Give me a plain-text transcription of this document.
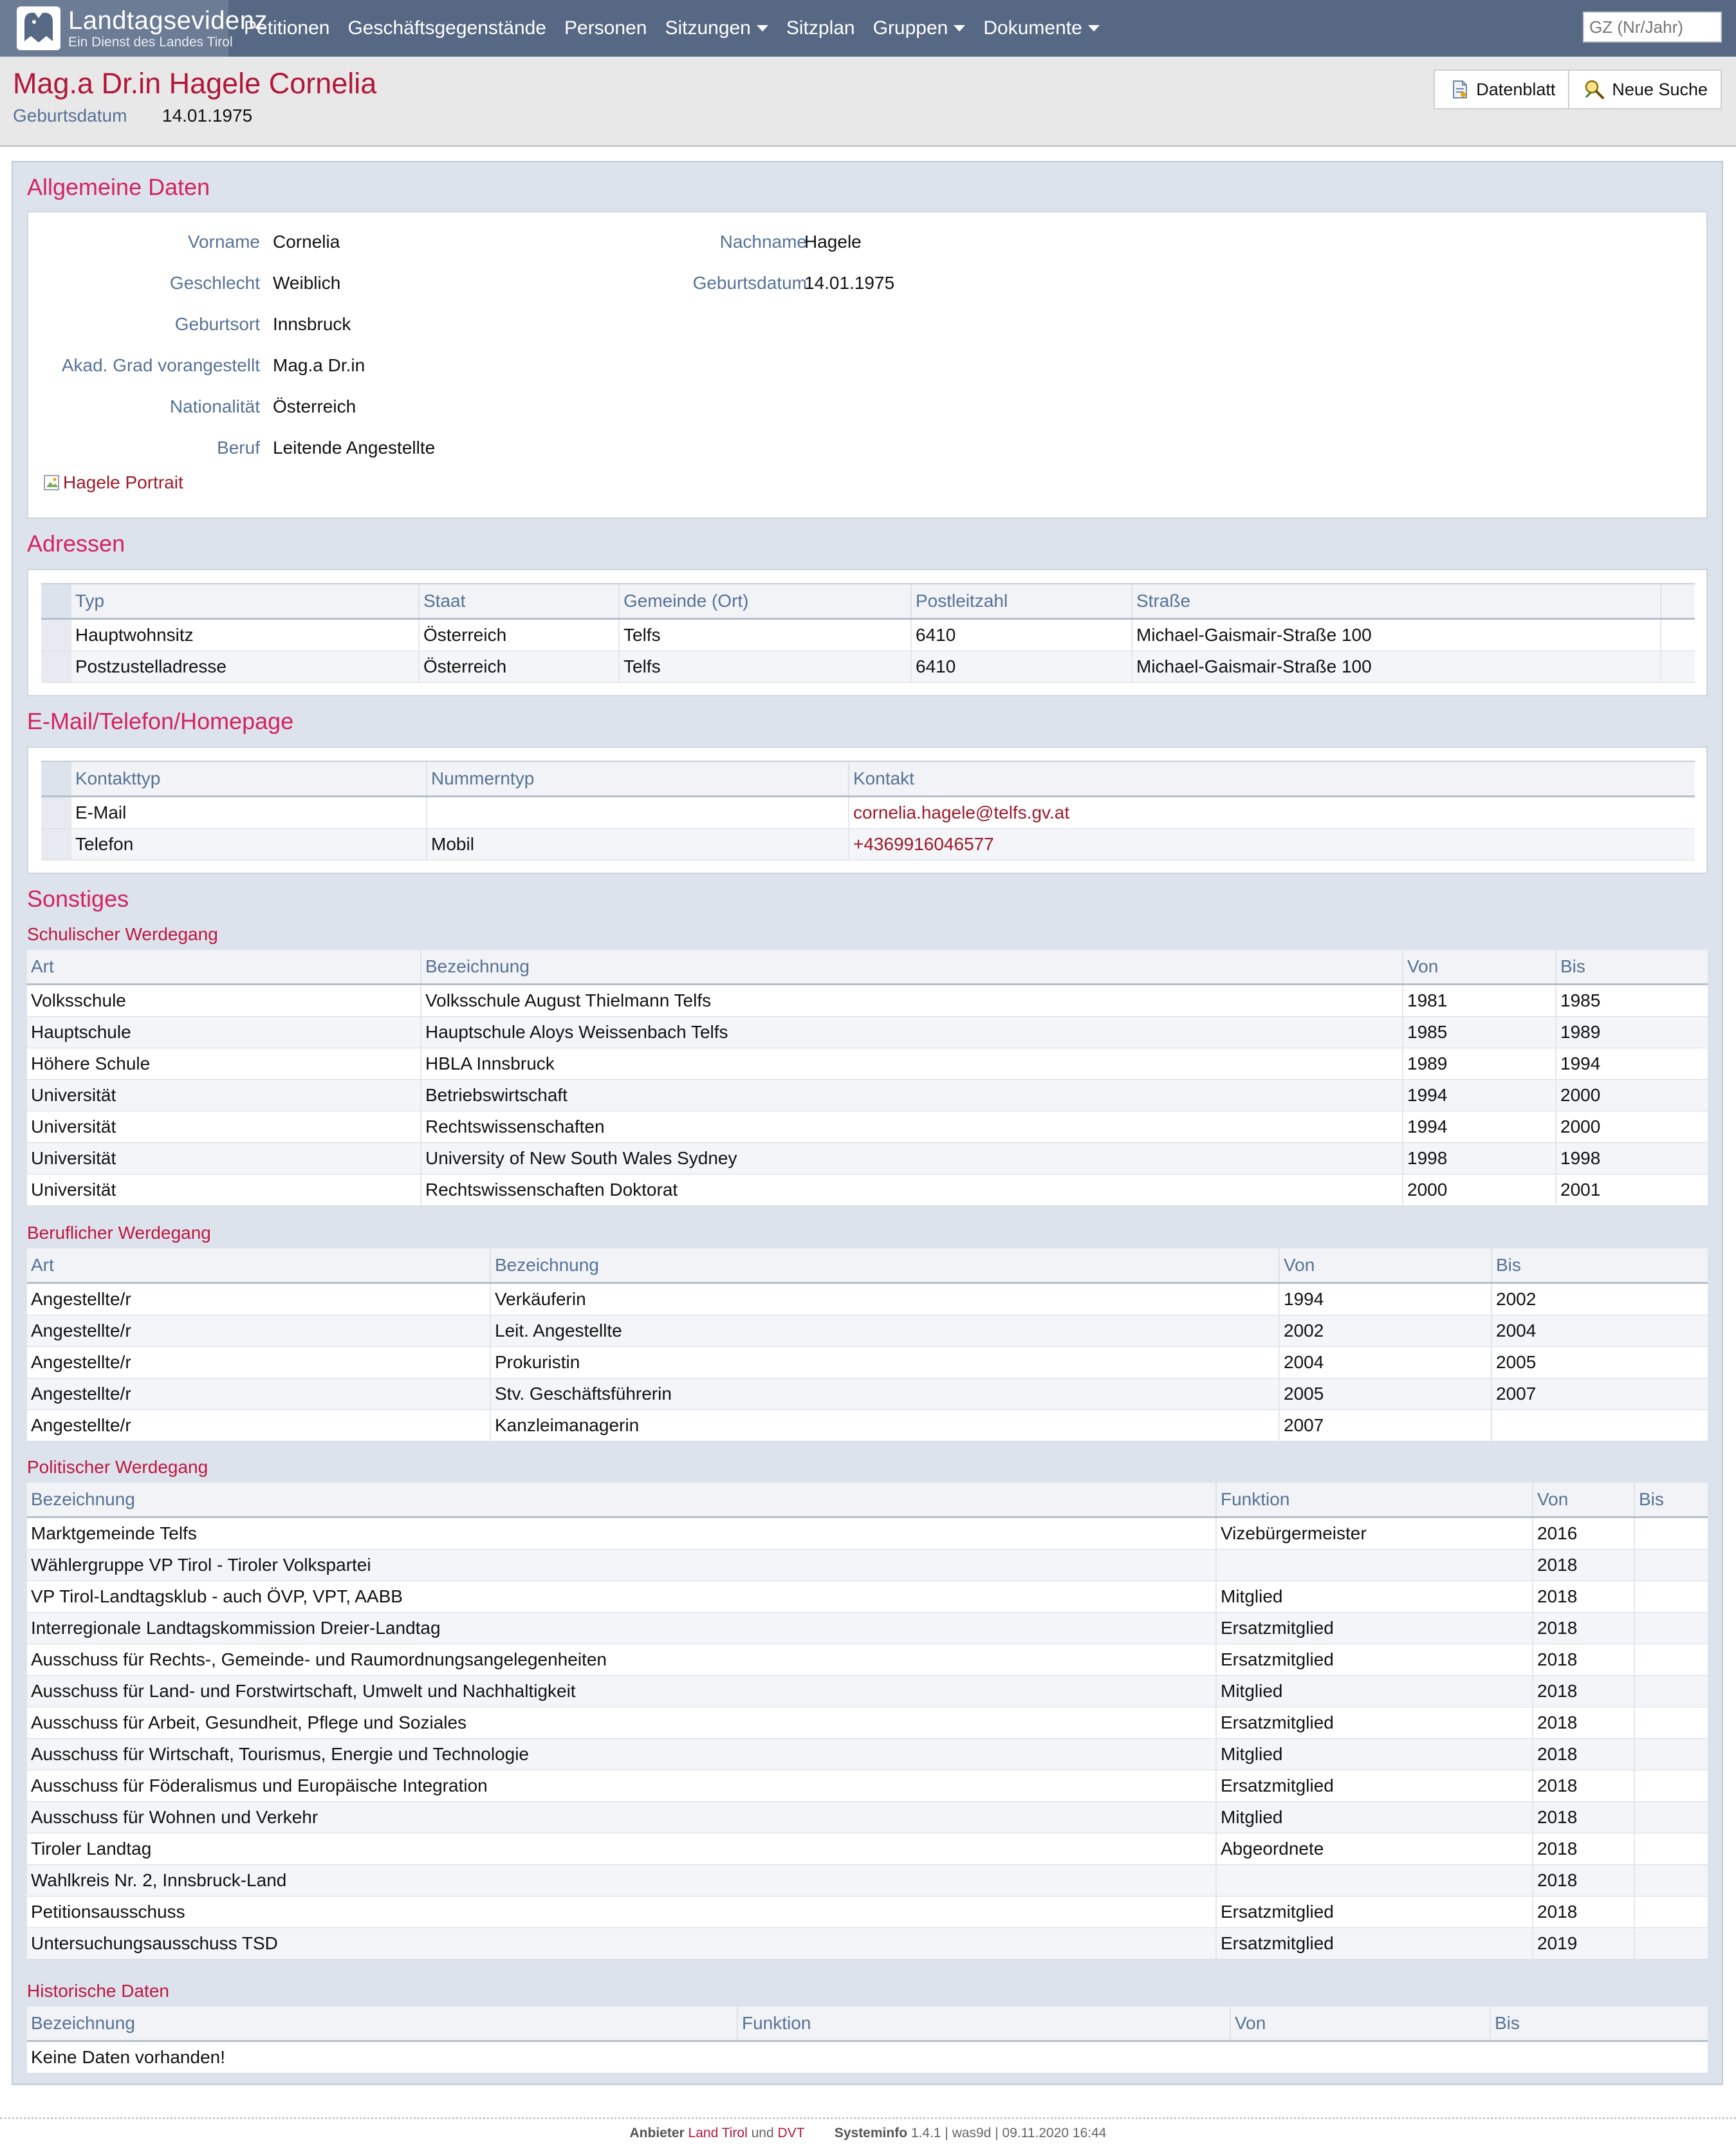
Landtagsevidenz
Ein Dienst des Landes Tirol
Petitionen Geschäftsgegenstände Personen Sitzungen Sitzplan Gruppen Dokumente
GZ (Nr/Jahr)
Mag.a Dr.in Hagele Cornelia
Geburtsdatum 14.01.1975
Datenblatt	Neue Suche
Allgemeine Daten
Vorname Cornelia	Nachname
Hagele
Geschlecht Weiblich	Geburtsdatum
14.01.1975
Geburtsort Innsbruck
Akad. Grad vorangestellt Mag.a Dr.in
Nationalität Österreich
Beruf Leitende Angestellte
Hagele Portrait
Adressen
	Typ	Staat	Gemeinde (Ort)	Postleitzahl	Straße	
	Hauptwohnsitz	Österreich	Telfs	6410	Michael-Gaismair-Straße 100	
	Postzustelladresse	Österreich	Telfs	6410	Michael-Gaismair-Straße 100	
E-Mail/Telefon/Homepage
	Kontakttyp	Nummerntyp	Kontakt
	E-Mail		cornelia.hagele@telfs.gv.at
	Telefon	Mobil	+4369916046577
Sonstiges
Schulischer Werdegang
Art	Bezeichnung	Von	Bis
Volksschule	Volksschule August Thielmann Telfs	1981	1985
Hauptschule	Hauptschule Aloys Weissenbach Telfs	1985	1989
Höhere Schule	HBLA Innsbruck	1989	1994
Universität	Betriebswirtschaft	1994	2000
Universität	Rechtswissenschaften	1994	2000
Universität	University of New South Wales Sydney	1998	1998
Universität	Rechtswissenschaften Doktorat	2000	2001
Beruflicher Werdegang
Art	Bezeichnung	Von	Bis
Angestellte/r	Verkäuferin	1994	2002
Angestellte/r	Leit. Angestellte	2002	2004
Angestellte/r	Prokuristin	2004	2005
Angestellte/r	Stv. Geschäftsführerin	2005	2007
Angestellte/r	Kanzleimanagerin	2007	
Politischer Werdegang
Bezeichnung	Funktion	Von	Bis
Marktgemeinde Telfs	Vizebürgermeister	2016	
Wählergruppe VP Tirol - Tiroler Volkspartei		2018	
VP Tirol-Landtagsklub - auch ÖVP, VPT, AABB	Mitglied	2018	
Interregionale Landtagskommission Dreier-Landtag	Ersatzmitglied	2018	
Ausschuss für Rechts-, Gemeinde- und Raumordnungsangelegenheiten	Ersatzmitglied	2018	
Ausschuss für Land- und Forstwirtschaft, Umwelt und Nachhaltigkeit	Mitglied	2018	
Ausschuss für Arbeit, Gesundheit, Pflege und Soziales	Ersatzmitglied	2018	
Ausschuss für Wirtschaft, Tourismus, Energie und Technologie	Mitglied	2018	
Ausschuss für Föderalismus und Europäische Integration	Ersatzmitglied	2018	
Ausschuss für Wohnen und Verkehr	Mitglied	2018	
Tiroler Landtag	Abgeordnete	2018	
Wahlkreis Nr. 2, Innsbruck-Land		2018	
Petitionsausschuss	Ersatzmitglied	2018	
Untersuchungsausschuss TSD	Ersatzmitglied	2019	
Historische Daten
Bezeichnung	Funktion	Von	Bis
Keine Daten vorhanden!
Anbieter Land Tirol und DVT Systeminfo 1.4.1 | was9d | 09.11.2020 16:44
